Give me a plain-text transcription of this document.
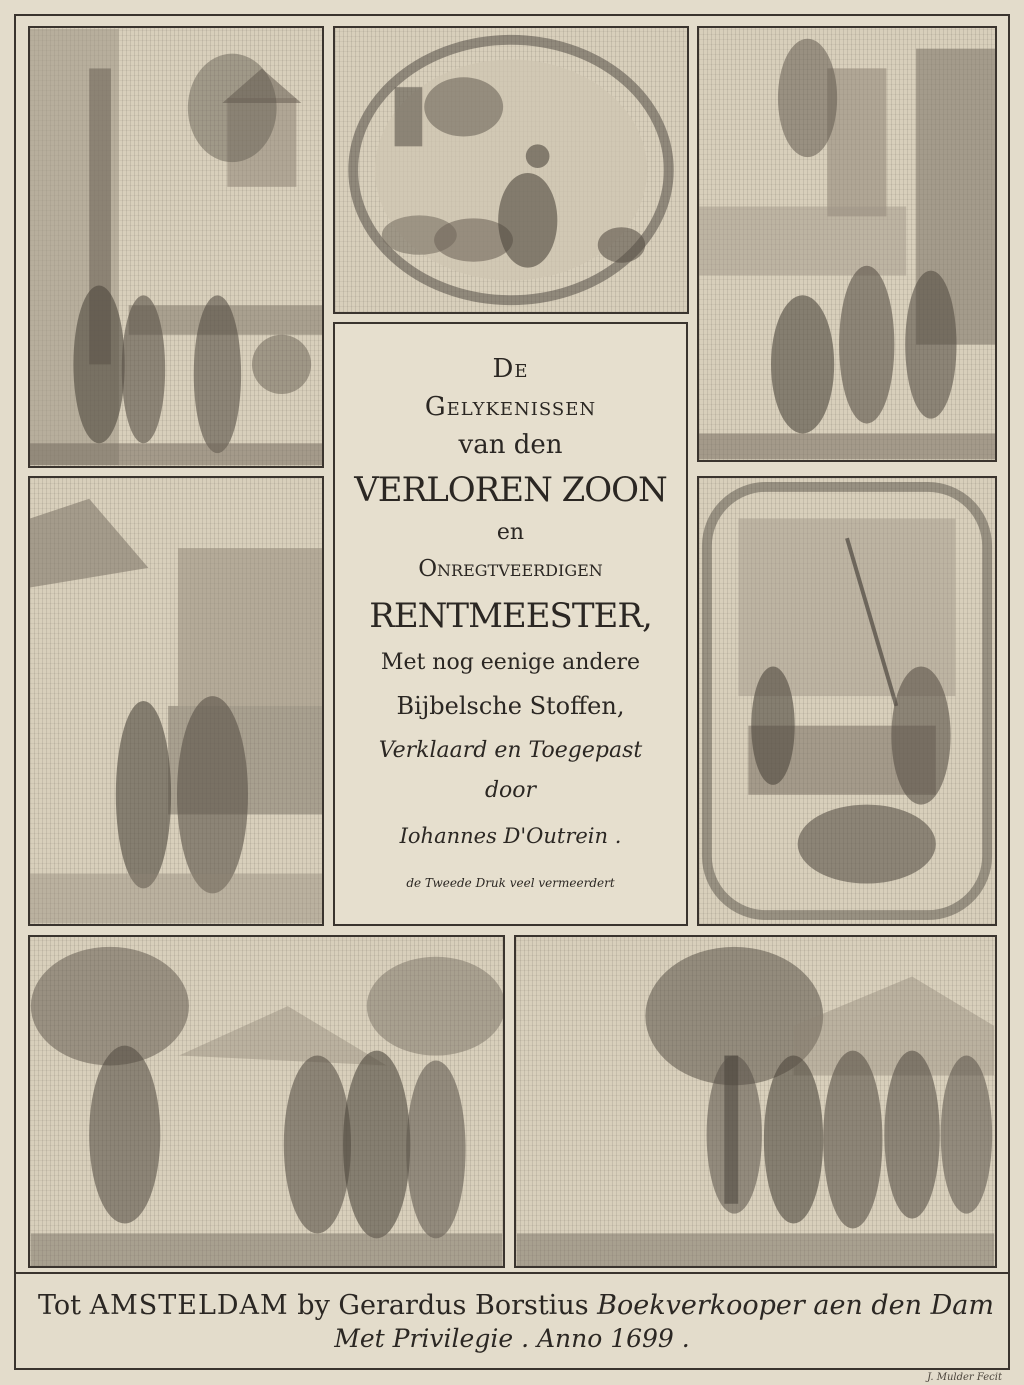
De
Gelykenissen
van den
VERLOREN ZOON
en
Onregtveerdigen
RENTMEESTER,
Met nog eenige andere
Bijbelsche Stoffen,
Verklaard en Toegepast
door
Iohannes D'Outrein .
de Tweede Druk veel vermeerdert
Tot AMSTELDAM by Gerardus Borstius Boekverkooper aen den Dam
Met Privilegie . Anno 1699 .
J. Mulder Fecit
